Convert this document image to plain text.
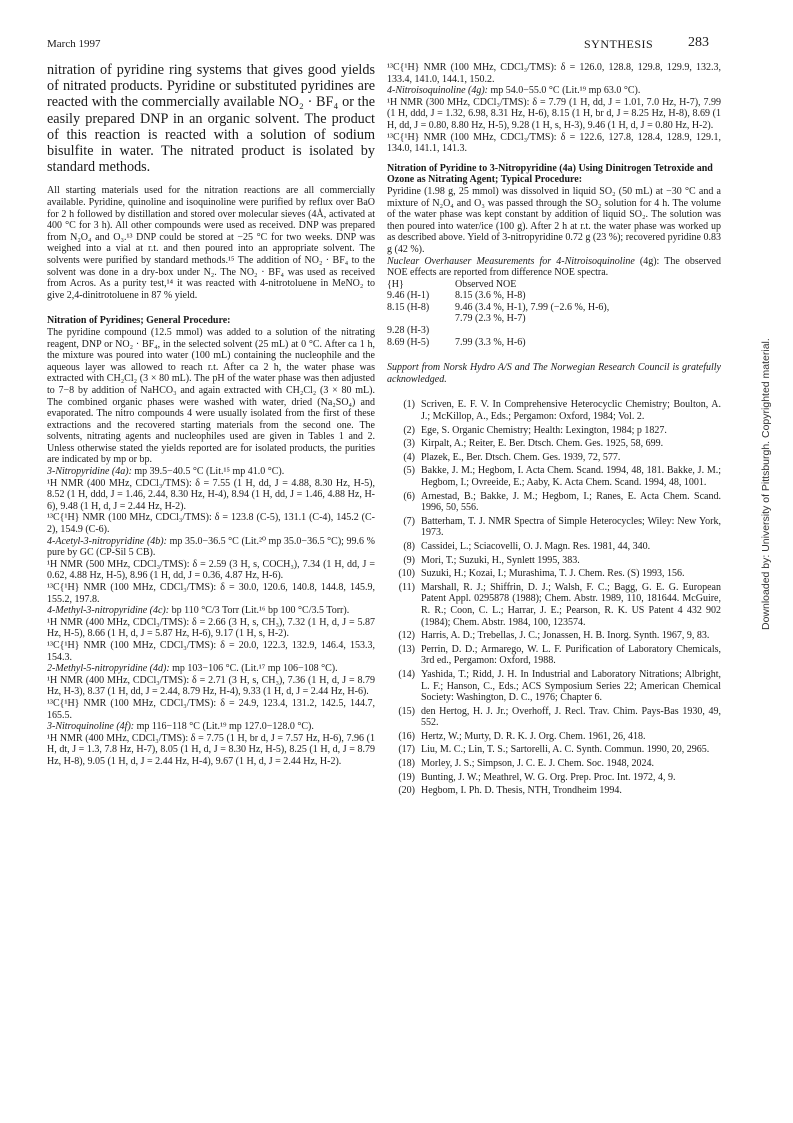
March 1997	SYNTHESIS 283

nitration of pyridine ring systems that gives good yields of nitrated products. Pyridine or substituted pyridines are reacted with the commercially available NO₂ · BF₄ or the easily prepared DNP in an organic solvent. The product of this reaction is reacted with a solution of sodium bisulfite in water. The nitrated product is isolated by standard methods.

All starting materials used for the nitration reactions are all commercially available. Pyridine, quinoline and isoquinoline were purified by reflux over BaO for 2 h followed by distillation and stored over molecular sieves (4Å, activated at 400 °C for 3 h). All other compounds were used as received. DNP was prepared from N₂O₄ and O₃.¹³ DNP could be stored at −25 °C for two weeks. DNP was weighed into a vial at r.t. and then poured into an appropriate solvent. The solvents were purified by standard methods.¹⁵ The addition of NO₂ · BF₄ to the solvent was done in a dry-box under N₂. The NO₂ · BF₄ was used as received from Acros. As a purity test,¹⁴ it was reacted with 4-nitrotoluene in MeNO₂ to give 2,4-dinitrotoluene in 87 % yield.

Nitration of Pyridines; General Procedure:

The pyridine compound (12.5 mmol) was added to a solution of the nitrating reagent, DNP or NO₂ · BF₄, in the selected solvent (25 mL) at 0 °C. After ca 1 h, the mixture was poured into water (100 mL) containing the nucleophile and the aqueous layer was allowed to reach r.t. After ca 2 h, the water phase was extracted with CH₂Cl₂ (3 × 80 mL). The pH of the water phase was then adjusted to 7−8 by addition of NaHCO₃ and again extracted with CH₂Cl₂ (3 × 80 mL). The combined organic phases were washed with water, dried (Na₂SO₄) and evaporated. The nitro compounds 4 were usually isolated from the first of these extractions and the recovered starting materials from the second one. The solvents, nitrating agents and nucleophiles used are given in Tables 1 and 2. Unless otherwise stated the yields reported are for isolated products, the purities are indicated by mp or bp.

3-Nitropyridine (4a): mp 39.5−40.5 °C (Lit.¹⁵ mp 41.0 °C).

¹H NMR (400 MHz, CDCl₃/TMS): δ = 7.55 (1 H, dd, J = 4.88, 8.30 Hz, H-5), 8.52 (1 H, ddd, J = 1.46, 2.44, 8.30 Hz, H-4), 8.94 (1 H, dd, J = 1.46, 4.88 Hz, H-6), 9.48 (1 H, d, J = 2.44 Hz, H-2).

¹³C{¹H} NMR (100 MHz, CDCl₃/TMS): δ = 123.8 (C-5), 131.1 (C-4), 145.2 (C-2), 154.9 (C-6).

4-Acetyl-3-nitropyridine (4b): mp 35.0−36.5 °C (Lit.²⁰ mp 35.0−36.5 °C); 99.6 % pure by GC (CP-Sil 5 CB).

¹H NMR (500 MHz, CDCl₃/TMS): δ = 2.59 (3 H, s, COCH₃), 7.34 (1 H, dd, J = 0.62, 4.88 Hz, H-5), 8.96 (1 H, dd, J = 0.36, 4.87 Hz, H-6).

¹³C{¹H} NMR (100 MHz, CDCl₃/TMS): δ = 30.0, 120.6, 140.8, 144.8, 145.9, 155.2, 197.8.

4-Methyl-3-nitropyridine (4c): bp 110 °C/3 Torr (Lit.¹⁶ bp 100 °C/3.5 Torr).

¹H NMR (400 MHz, CDCl₃/TMS): δ = 2.66 (3 H, s, CH₃), 7.32 (1 H, d, J = 5.87 Hz, H-5), 8.66 (1 H, d, J = 5.87 Hz, H-6), 9.17 (1 H, s, H-2).

¹³C{¹H} NMR (100 MHz, CDCl₃/TMS): δ = 20.0, 122.3, 132.9, 146.4, 153.3, 154.3.

2-Methyl-5-nitropyridine (4d): mp 103−106 °C. (Lit.¹⁷ mp 106−108 °C).

¹H NMR (400 MHz, CDCl₃/TMS): δ = 2.71 (3 H, s, CH₃), 7.36 (1 H, d, J = 8.79 Hz, H-3), 8.37 (1 H, dd, J = 2.44, 8.79 Hz, H-4), 9.33 (1 H, d, J = 2.44 Hz, H-6).

¹³C{¹H} NMR (100 MHz, CDCl₃/TMS): δ = 24.9, 123.4, 131.2, 142.5, 144.7, 165.5.

3-Nitroquinoline (4f): mp 116−118 °C (Lit.¹⁹ mp 127.0−128.0 °C).

¹H NMR (400 MHz, CDCl₃/TMS): δ = 7.75 (1 H, br d, J = 7.57 Hz, H-6), 7.96 (1 H, dt, J = 1.3, 7.8 Hz, H-7), 8.05 (1 H, d, J = 8.30 Hz, H-5), 8.25 (1 H, d, J = 8.79 Hz, H-8), 9.05 (1 H, d, J = 2.44 Hz, H-4), 9.67 (1 H, d, J = 2.44 Hz, H-2).

¹³C{¹H} NMR (100 MHz, CDCl₃/TMS): δ = 126.0, 128.8, 129.8, 129.9, 132.3, 133.4, 141.0, 144.1, 150.2.

4-Nitroisoquinoline (4g): mp 54.0−55.0 °C (Lit.¹⁹ mp 63.0 °C).

¹H NMR (300 MHz, CDCl₃/TMS): δ = 7.79 (1 H, dd, J = 1.01, 7.0 Hz, H-7), 7.99 (1 H, ddd, J = 1.32, 6.98, 8.31 Hz, H-6), 8.15 (1 H, br d, J = 8.25 Hz, H-8), 8.69 (1 H, dd, J = 0.80, 8.80 Hz, H-5), 9.28 (1 H, s, H-3), 9.46 (1 H, d, J = 0.80 Hz, H-2).

¹³C{¹H} NMR (100 MHz, CDCl₃/TMS): δ = 122.6, 127.8, 128.4, 128.9, 129.1, 134.0, 141.1, 141.3.

Nitration of Pyridine to 3-Nitropyridine (4a) Using Dinitrogen Tetroxide and Ozone as Nitrating Agent; Typical Procedure:

Pyridine (1.98 g, 25 mmol) was dissolved in liquid SO₂ (50 mL) at −30 °C and a mixture of N₂O₄ and O₃ was passed through the SO₂ solution for 4 h. The volume of the water phase was kept constant by addition of liquid SO₂. The solution was then poured into water/ice (100 g). After 2 h at r.t. the water phase was worked up as described above. Yield of 3-nitropyridine 0.72 g (23 %); recovered pyridine 0.83 g (42 %).

Nuclear Overhauser Measurements for 4-Nitroisoquinoline (4g): The observed NOE effects are reported from difference NOE spectra.

{H}	Observed NOE
9.46 (H-1)	8.15 (3.6 %, H-8)
8.15 (H-8)	9.46 (3.4 %, H-1), 7.99 (−2.6 %, H-6),
7.79 (2.3 %, H-7)
9.28 (H-3)
8.69 (H-5)	7.99 (3.3 %, H-6)

Support from Norsk Hydro A/S and The Norwegian Research Council is gratefully acknowledged.

(1) Scriven, E. F. V. In Comprehensive Heterocyclic Chemistry; Boulton, A. J.; McKillop, A., Eds.; Pergamon: Oxford, 1984; Vol. 2.
(2) Ege, S. Organic Chemistry; Health: Lexington, 1984; p 1827.
(3) Kirpalt, A.; Reiter, E. Ber. Dtsch. Chem. Ges. 1925, 58, 699.
(4) Plazek, E., Ber. Dtsch. Chem. Ges. 1939, 72, 577.
(5) Bakke, J. M.; Hegbom, I. Acta Chem. Scand. 1994, 48, 181. Bakke, J. M.; Hegbom, I.; Ovreeide, E.; Aaby, K. Acta Chem. Scand. 1994, 48, 1001.
(6) Arnestad, B.; Bakke, J. M.; Hegbom, I.; Ranes, E. Acta Chem. Scand. 1996, 50, 556.
(7) Batterham, T. J. NMR Spectra of Simple Heterocycles; Wiley: New York, 1973.
(8) Cassidei, L.; Sciacovelli, O. J. Magn. Res. 1981, 44, 340.
(9) Mori, T.; Suzuki, H., Synlett 1995, 383.
(10) Suzuki, H.; Kozai, I.; Murashima, T. J. Chem. Res. (S) 1993, 156.
(11) Marshall, R. J.; Shiffrin, D. J.; Walsh, F. C.; Bagg, G. E. G. European Patent Appl. 0295878 (1988); Chem. Abstr. 1989, 110, 181644. McGuire, R. R.; Coon, C. L.; Harrar, J. E.; Pearson, R. K. US Patent 4 432 902 (1984); Chem. Abstr. 1984, 100, 123574.
(12) Harris, A. D.; Trebellas, J. C.; Jonassen, H. B. Inorg. Synth. 1967, 9, 83.
(13) Perrin, D. D.; Armarego, W. L. F. Purification of Laboratory Chemicals, 3rd ed., Pergamon: Oxford, 1988.
(14) Yashida, T.; Ridd, J. H. In Industrial and Laboratory Nitrations; Albright, L. F.; Hanson, C., Eds.; ACS Symposium Series 22; American Chemical Society: Washington, D. C., 1976; Chapter 6.
(15) den Hertog, H. J. Jr.; Overhoff, J. Recl. Trav. Chim. Pays-Bas 1930, 49, 552.
(16) Hertz, W.; Murty, D. R. K. J. Org. Chem. 1961, 26, 418.
(17) Liu, M. C.; Lin, T. S.; Sartorelli, A. C. Synth. Commun. 1990, 20, 2965.
(18) Morley, J. S.; Simpson, J. C. E. J. Chem. Soc. 1948, 2024.
(19) Bunting, J. W.; Meathrel, W. G. Org. Prep. Proc. Int. 1972, 4, 9.
(20) Hegbom, I. Ph. D. Thesis, NTH, Trondheim 1994.
Downloaded by: University of Pittsburgh. Copyrighted material.
